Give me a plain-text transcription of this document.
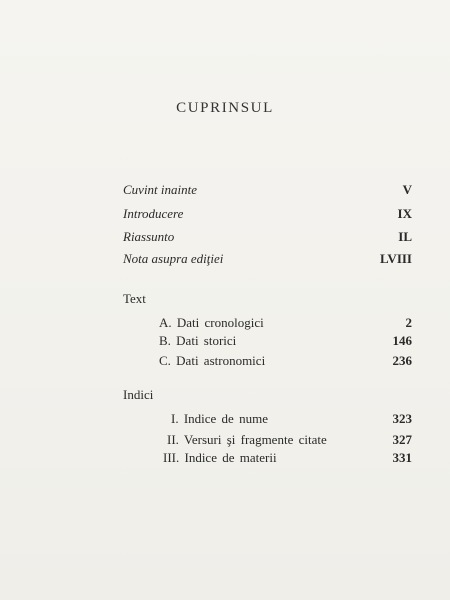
CUPRINSUL
Cuvint inainte	V
Introducere	IX
Riassunto	IL
Nota asupra ediţiei	LVIII
Text
A. Dati cronologici	2
B. Dati storici	146
C. Dati astronomici	236
Indici
I. Indice de nume	323
II. Versuri şi fragmente citate	327
III. Indice de materii	331
